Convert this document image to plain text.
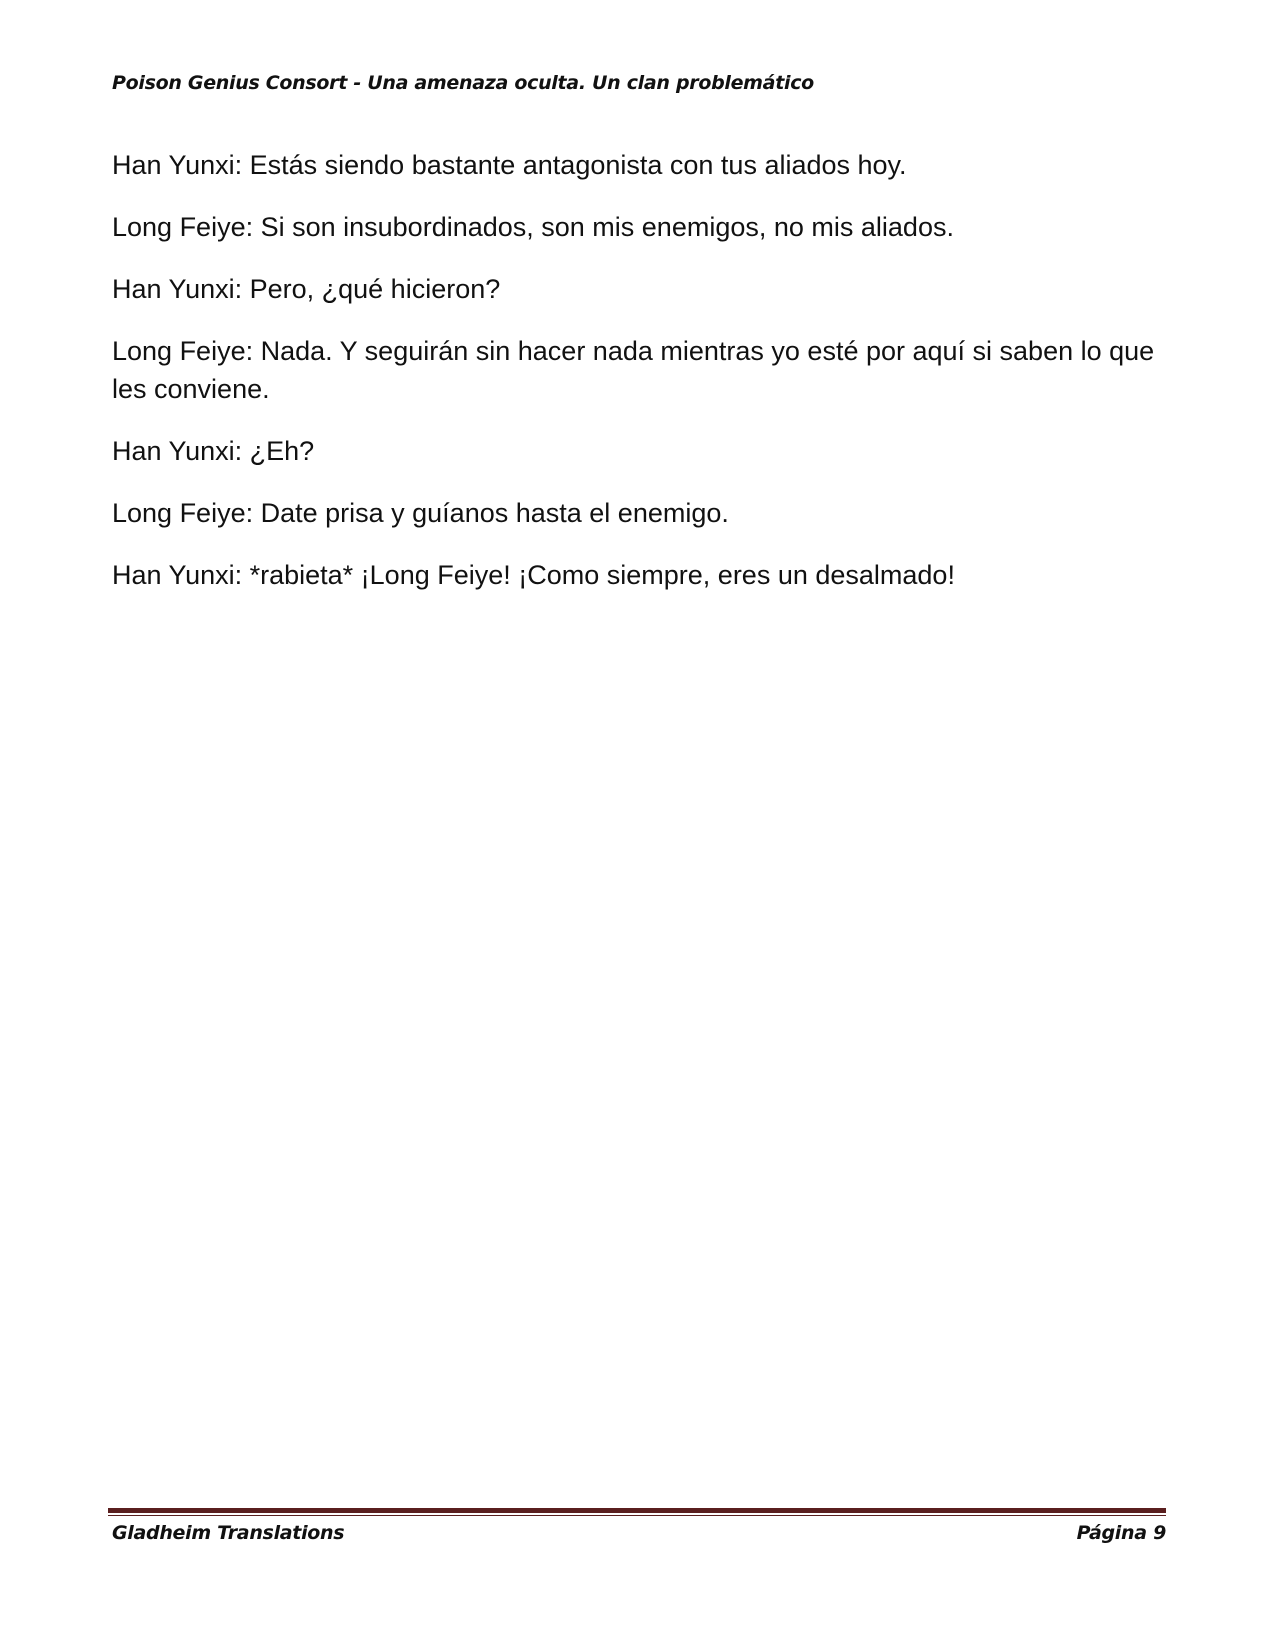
Poison Genius Consort - Una amenaza oculta. Un clan problemático

Han Yunxi: Estás siendo bastante antagonista con tus aliados hoy.

Long Feiye: Si son insubordinados, son mis enemigos, no mis aliados.

Han Yunxi: Pero, ¿qué hicieron?

Long Feiye: Nada. Y seguirán sin hacer nada mientras yo esté por aquí si saben lo que les conviene.

Han Yunxi: ¿Eh?

Long Feiye: Date prisa y guíanos hasta el enemigo.

Han Yunxi: *rabieta* ¡Long Feiye! ¡Como siempre, eres un desalmado!

Gladheim Translations	Página 9
